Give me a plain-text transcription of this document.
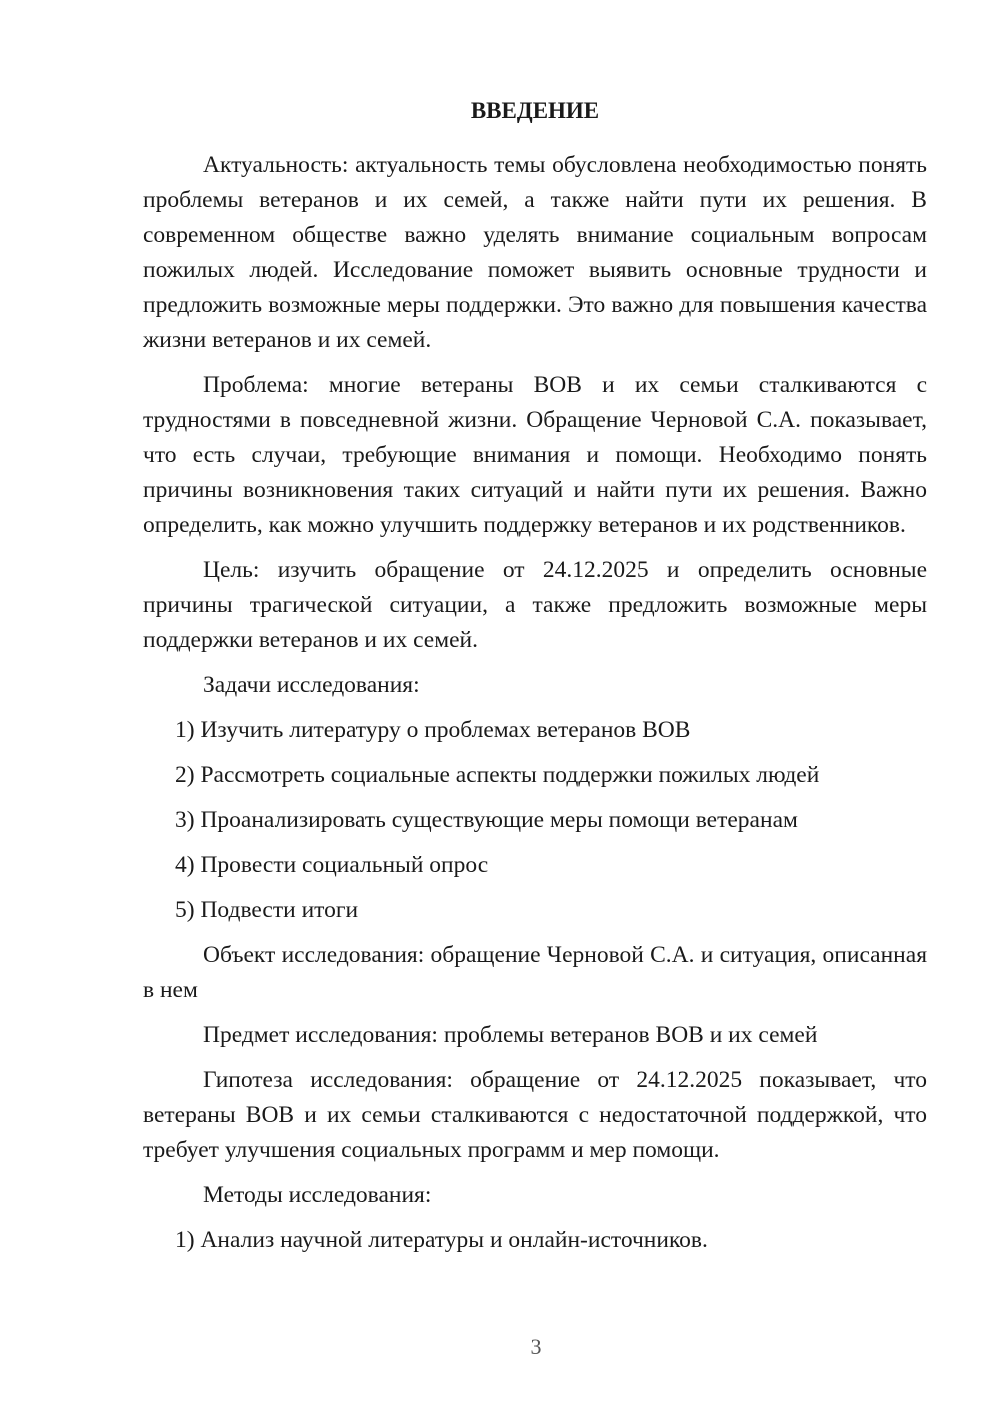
ВВЕДЕНИЕ
Актуальность: актуальность темы обусловлена необходимостью понять проблемы ветеранов и их семей, а также найти пути их решения. В современном обществе важно уделять внимание социальным вопросам пожилых людей. Исследование поможет выявить основные трудности и предложить возможные меры поддержки. Это важно для повышения качества жизни ветеранов и их семей.
Проблема: многие ветераны ВОВ и их семьи сталкиваются с трудностями в повседневной жизни. Обращение Черновой С.А. показывает, что есть случаи, требующие внимания и помощи. Необходимо понять причины возникновения таких ситуаций и найти пути их решения. Важно определить, как можно улучшить поддержку ветеранов и их родственников.
Цель: изучить обращение от 24.12.2025 и определить основные причины трагической ситуации, а также предложить возможные меры поддержки ветеранов и их семей.
Задачи исследования:
1) Изучить литературу о проблемах ветеранов ВОВ
2) Рассмотреть социальные аспекты поддержки пожилых людей
3) Проанализировать существующие меры помощи ветеранам
4) Провести социальный опрос
5) Подвести итоги
Объект исследования: обращение Черновой С.А. и ситуация, описанная в нем
Предмет исследования: проблемы ветеранов ВОВ и их семей
Гипотеза исследования: обращение от 24.12.2025 показывает, что ветераны ВОВ и их семьи сталкиваются с недостаточной поддержкой, что требует улучшения социальных программ и мер помощи.
Методы исследования:
1) Анализ научной литературы и онлайн-источников.
3
